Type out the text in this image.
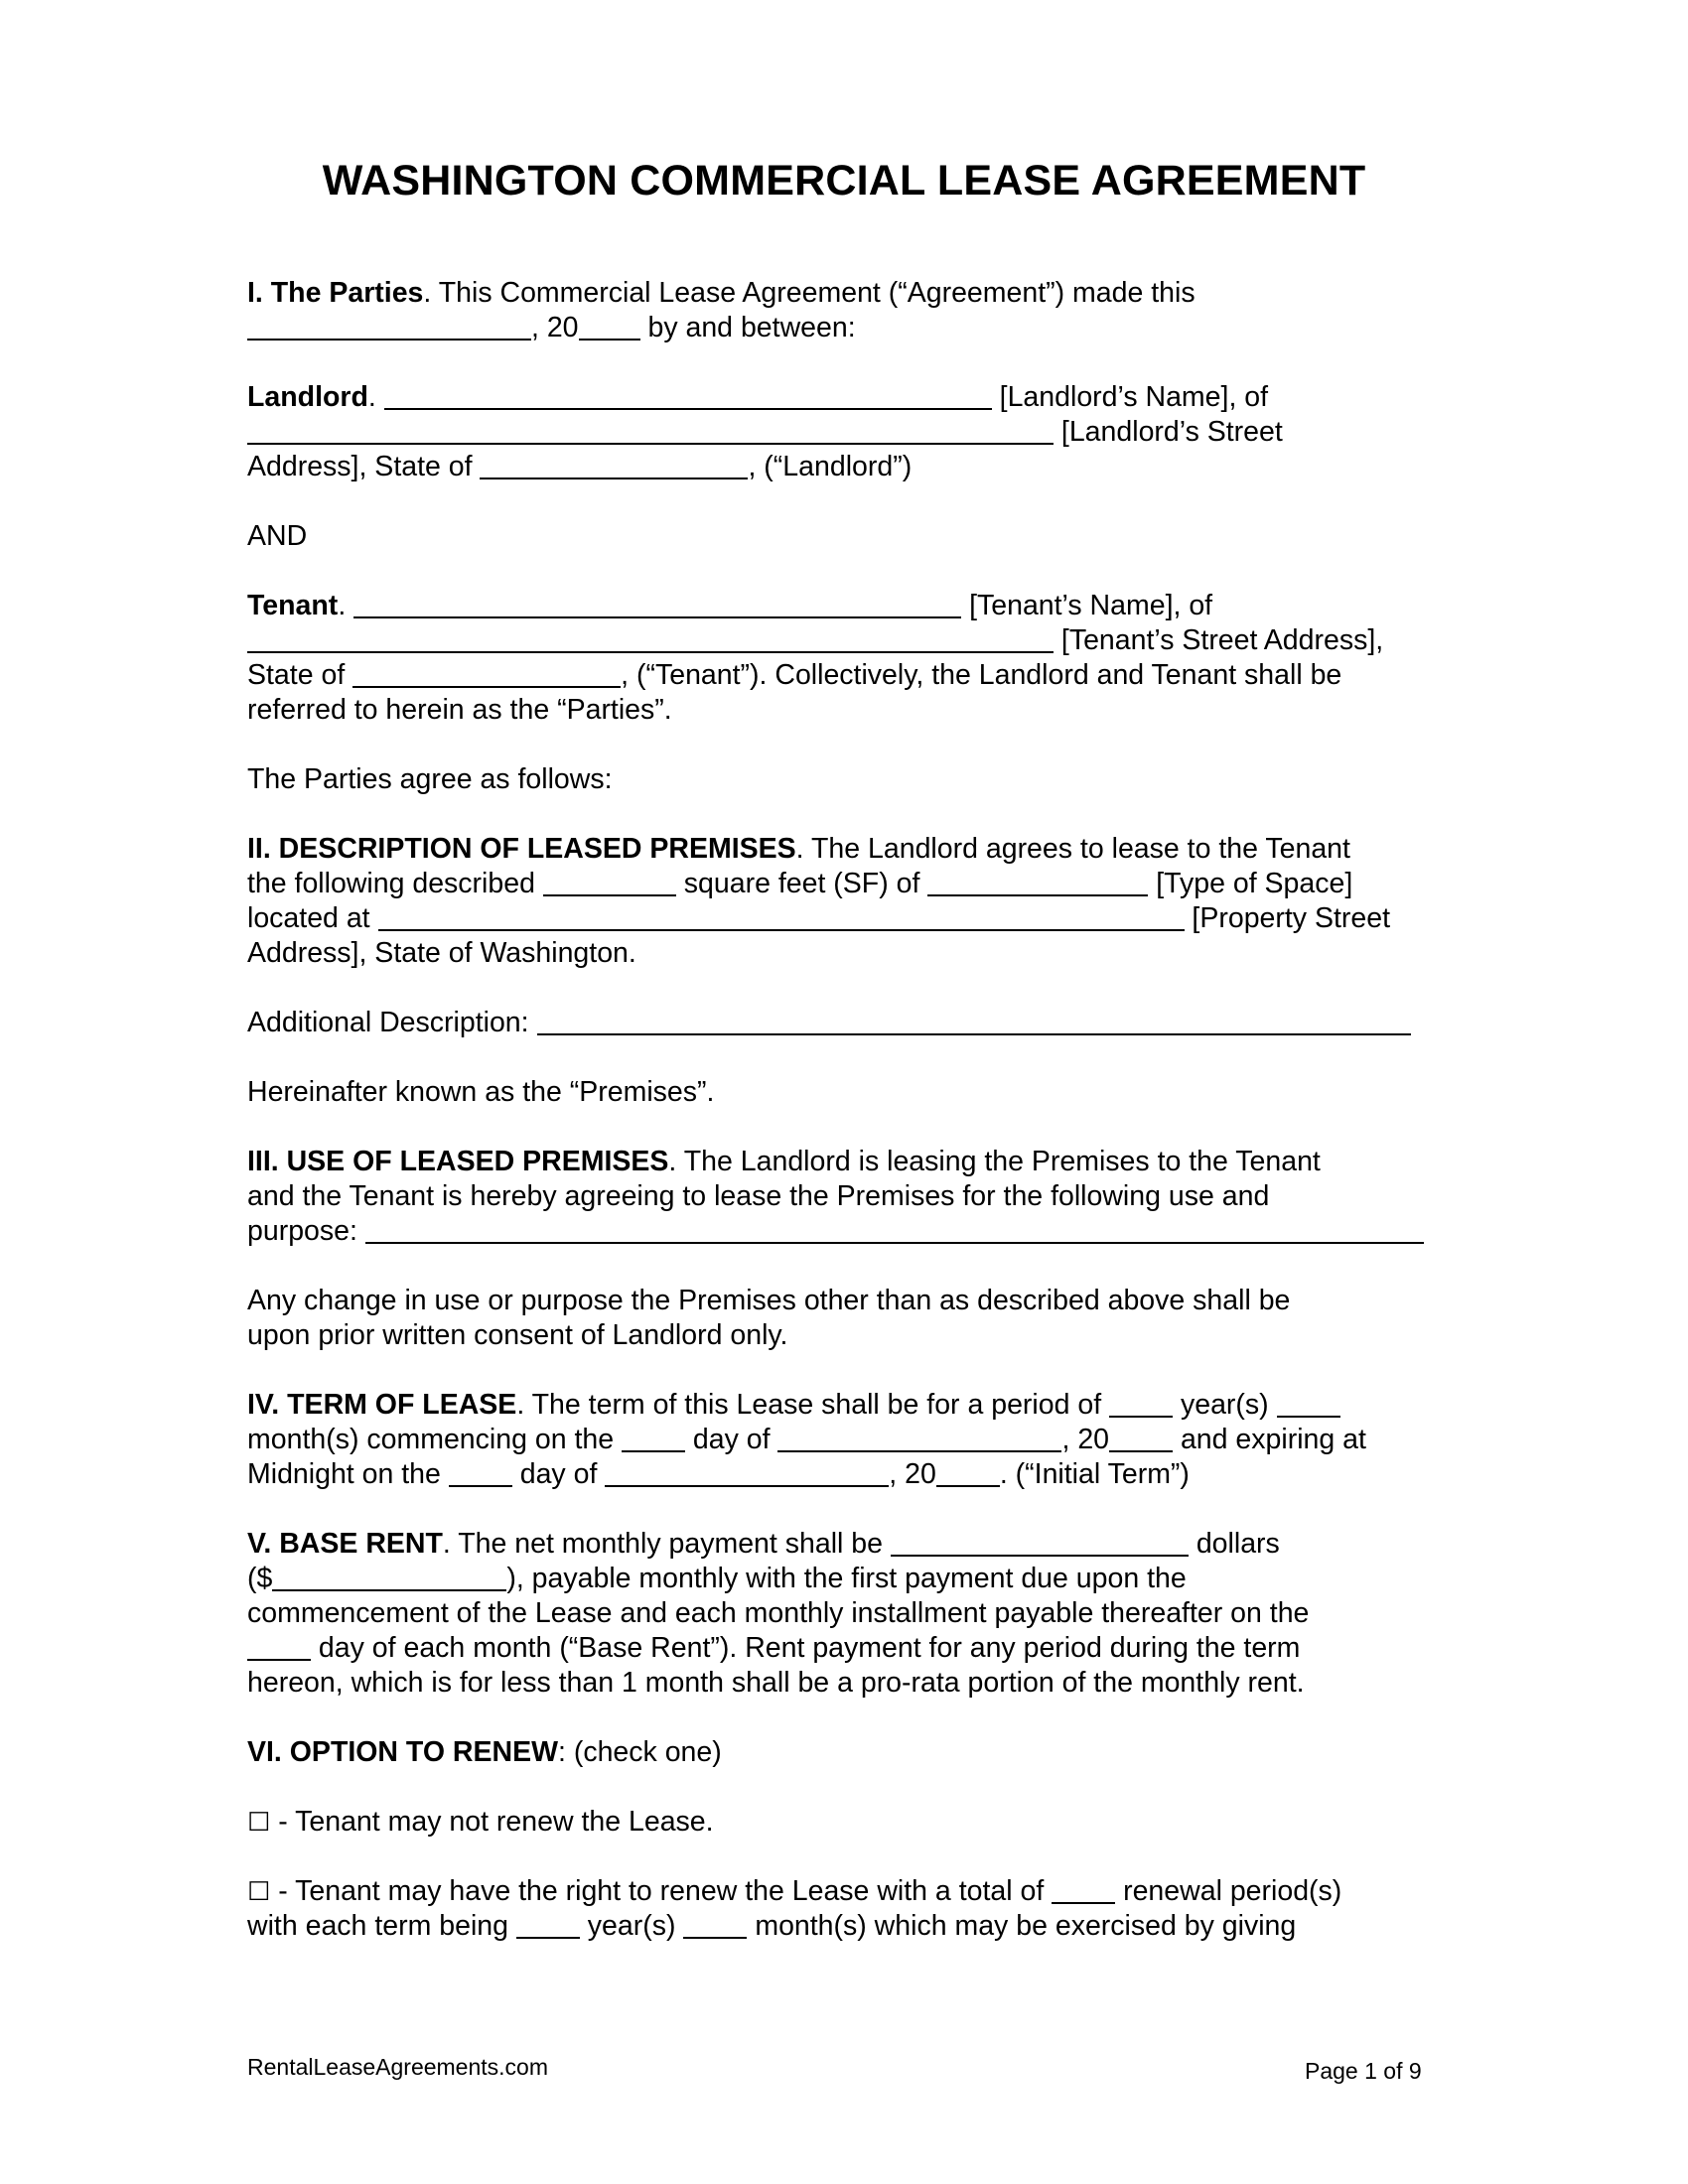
WASHINGTON COMMERCIAL LEASE AGREEMENT
I. The Parties. This Commercial Lease Agreement (“Agreement”) made this
, 20 by and between:
Landlord.	[Landlord’s Name], of
[Landlord’s Street
Address], State of	, (“Landlord”)
AND
Tenant.	[Tenant’s Name], of
[Tenant’s Street Address],
State of	, (“Tenant”). Collectively, the Landlord and Tenant shall be
referred to herein as the “Parties”.
The Parties agree as follows:
II. DESCRIPTION OF LEASED PREMISES. The Landlord agrees to lease to the Tenant
the following described	square feet (SF) of	[Type of Space]
located at	[Property Street
Address], State of Washington.
Additional Description:
Hereinafter known as the “Premises”.
III. USE OF LEASED PREMISES. The Landlord is leasing the Premises to the Tenant
and the Tenant is hereby agreeing to lease the Premises for the following use and
purpose:
Any change in use or purpose the Premises other than as described above shall be
upon prior written consent of Landlord only.
IV. TERM OF LEASE. The term of this Lease shall be for a period of  year(s)
month(s) commencing on the  day of	, 20 and expiring at
Midnight on the  day of	, 20 . (“Initial Term”)
V. BASE RENT. The net monthly payment shall be	dollars
($	), payable monthly with the first payment due upon the
commencement of the Lease and each monthly installment payable thereafter on the
day of each month (“Base Rent”). Rent payment for any period during the term
hereon, which is for less than 1 month shall be a pro-rata portion of the monthly rent.
VI. OPTION TO RENEW: (check one)
☐ - Tenant may not renew the Lease.
☐ - Tenant may have the right to renew the Lease with a total of  renewal period(s)
with each term being  year(s)  month(s) which may be exercised by giving
RentalLeaseAgreements.com	Page 1 of 9
